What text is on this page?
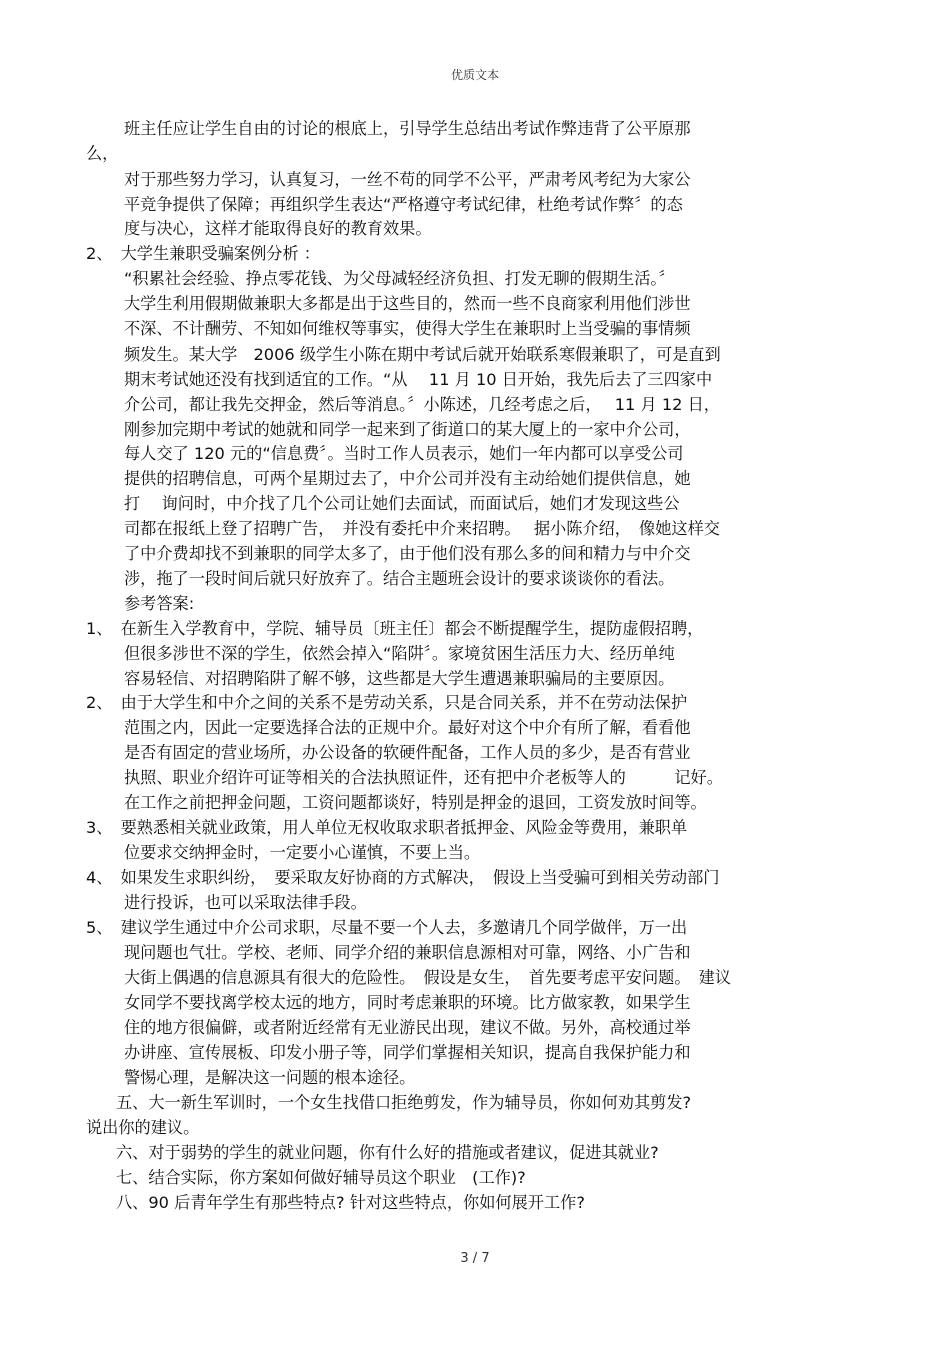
优质文本
班主任应让学生自由的讨论的根底上，引导学生总结出考试作弊违背了公平原那
么，
对于那些努力学习，认真复习，一丝不苟的同学不公平，严肃考风考纪为大家公
平竞争提供了保障；再组织学生表达“严格遵守考试纪律，杜绝考试作弊〞的态
度与决心，这样才能取得良好的教育效果。
2、　大学生兼职受骗案例分析 ：
“积累社会经验、挣点零花钱、为父母减轻经济负担、打发无聊的假期生活。〞
大学生利用假期做兼职大多都是出于这些目的，然而一些不良商家利用他们涉世
不深、不计酬劳、不知如何维权等事实，使得大学生在兼职时上当受骗的事情频
频发生。某大学　2006 级学生小陈在期中考试后就开始联系寒假兼职了，可是直到
期末考试她还没有找到适宜的工作。“从　 11 月 10 日开始，我先后去了三四家中
介公司，都让我先交押金，然后等消息。〞小陈述，几经考虑之后，　 11 月 12 日，
刚参加完期中考试的她就和同学一起来到了街道口的某大厦上的一家中介公司，
每人交了 120 元的“信息费〞。当时工作人员表示，她们一年内都可以享受公司
提供的招聘信息，可两个星期过去了，中介公司并没有主动给她们提供信息，她
打　 询问时，中介找了几个公司让她们去面试，而面试后，她们才发现这些公
司都在报纸上登了招聘广告，　并没有委托中介来招聘。　 据小陈介绍，　像她这样交
了中介费却找不到兼职的同学太多了，由于他们没有那么多的间和精力与中介交
涉，拖了一段时间后就只好放弃了。结合主题班会设计的要求谈谈你的看法。
参考答案:
1、　在新生入学教育中，学院、辅导员〔班主任〕都会不断提醒学生，提防虚假招聘，
但很多涉世不深的学生，依然会掉入“陷阱〞。家境贫困生活压力大、经历单纯
容易轻信、对招聘陷阱了解不够，这些都是大学生遭遇兼职骗局的主要原因。
2、　由于大学生和中介之间的关系不是劳动关系，只是合同关系，并不在劳动法保护
范围之内，因此一定要选择合法的正规中介。最好对这个中介有所了解，看看他
是否有固定的营业场所，办公设备的软硬件配备，工作人员的多少，是否有营业
执照、职业介绍许可证等相关的合法执照证件，还有把中介老板等人的　　　记好。
在工作之前把押金问题，工资问题都谈好，特别是押金的退回，工资发放时间等。
3、　要熟悉相关就业政策，用人单位无权收取求职者抵押金、风险金等费用，兼职单
位要求交纳押金时，一定要小心谨慎，不要上当。
4、　如果发生求职纠纷，　要采取友好协商的方式解决，　假设上当受骗可到相关劳动部门
进行投诉，也可以采取法律手段。
5、　建议学生通过中介公司求职，尽量不要一个人去，多邀请几个同学做伴，万一出
现问题也气壮。学校、老师、同学介绍的兼职信息源相对可靠，网络、小广告和
大街上偶遇的信息源具有很大的危险性。　假设是女生，　首先要考虑平安问题。　建议
女同学不要找离学校太远的地方，同时考虑兼职的环境。比方做家教，如果学生
住的地方很偏僻，或者附近经常有无业游民出现，建议不做。另外，高校通过举
办讲座、宣传展板、印发小册子等，同学们掌握相关知识，提高自我保护能力和
警惕心理，是解决这一问题的根本途径。
五、大一新生军训时，一个女生找借口拒绝剪发，作为辅导员，你如何劝其剪发?
说出你的建议。
六、对于弱势的学生的就业问题，你有什么好的措施或者建议，促进其就业?
七、结合实际，你方案如何做好辅导员这个职业　(工作)?
八、90 后青年学生有那些特点? 针对这些特点，你如何展开工作?
3 / 7
